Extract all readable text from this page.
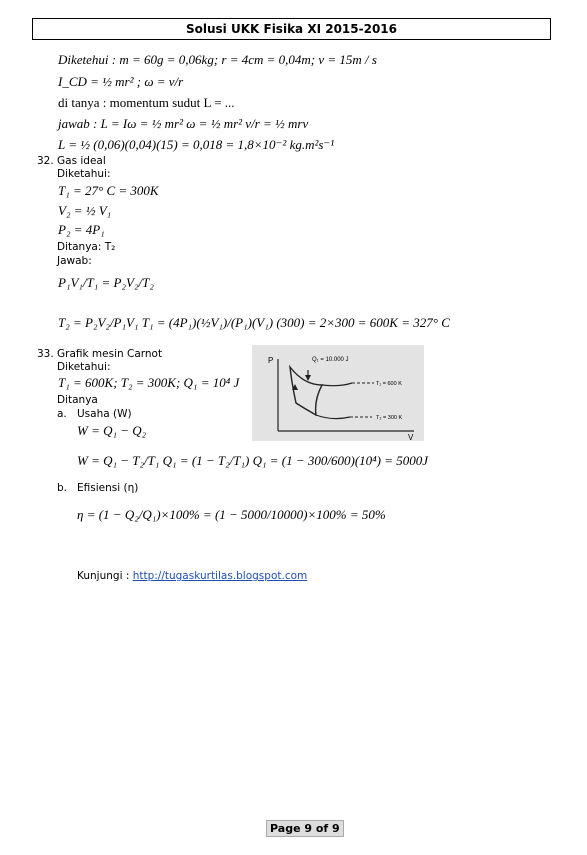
Solusi UKK Fisika XI 2015-2016
Diketehui : m = 60g = 0,06kg; r = 4cm = 0,04m; v = 15m / s
I_CD = ½ mr² ; ω = v/r
di tanya : momentum sudut L = ...
jawab : L = Iω = ½ mr² ω = ½ mr² v/r = ½ mrv
L = ½ (0,06)(0,04)(15) = 0,018 = 1,8×10⁻² kg.m²s⁻¹
32. Gas ideal
Diketahui:
T₁ = 27° C = 300K
V₂ = ½ V₁
P₂ = 4P₁
Ditanya: T₂
Jawab:
P₁V₁/T₁ = P₂V₂/T₂
T₂ = P₂V₂/P₁V₁ T₁ = (4P₁)(½V₁)/(P₁)(V₁) (300) = 2×300 = 600K = 327° C
33. Grafik mesin Carnot
Diketahui:
T₁ = 600K; T₂ = 300K; Q₁ = 10⁴ J
Ditanya
a. Usaha (W)
W = Q₁ − Q₂
W = Q₁ − T₂/T₁ Q₁ = (1 − T₂/T₁) Q₁ = (1 − 300/600)(10⁴) = 5000J
b. Efisiensi (η)
η = (1 − Q₂/Q₁)×100% = (1 − 5000/10000)×100% = 50%
P
V
Q₁ = 10.000 J
T₁ = 600 K
T₂ = 300 K
Kunjungi : http://tugaskurtilas.blogspot.com
Page 9 of 9
